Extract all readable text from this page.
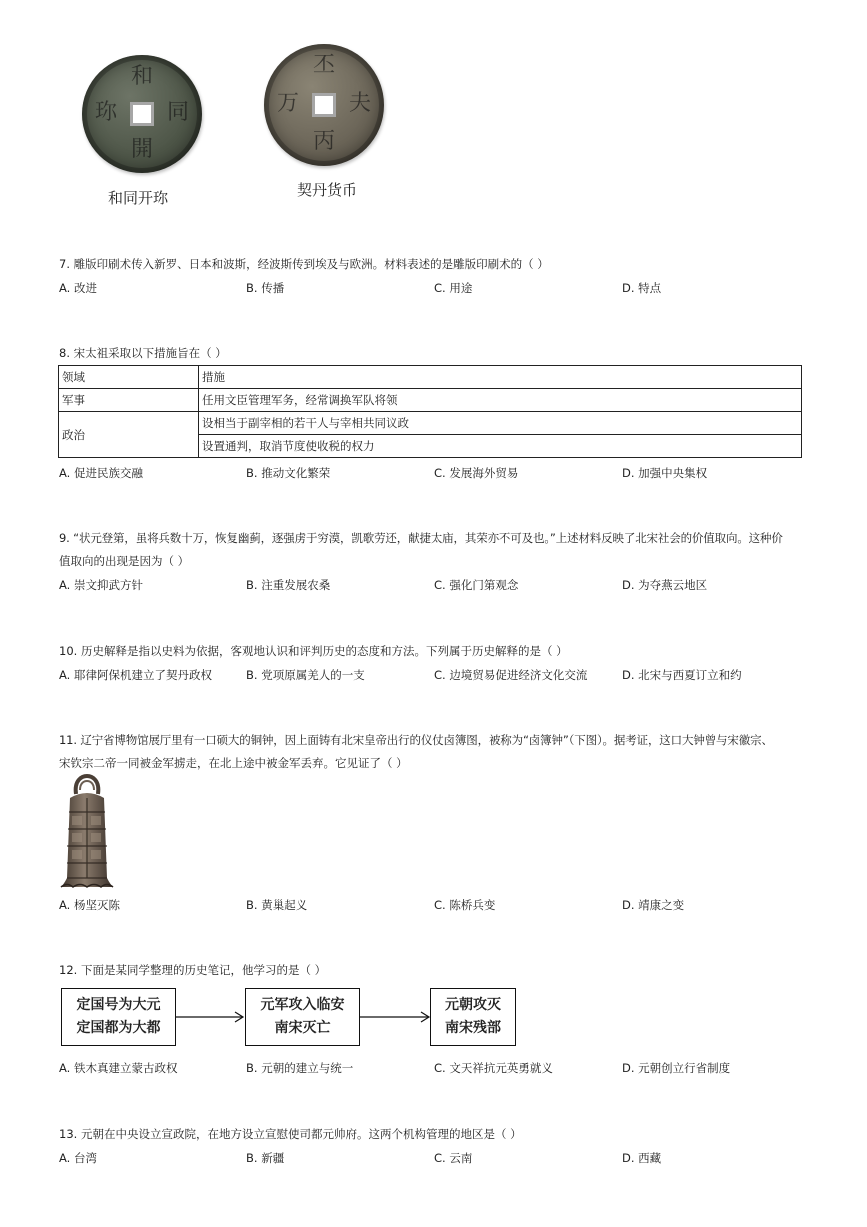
和
同
開
珎
和同开珎
丕
夫
丙
万
契丹货币
7. 雕版印刷术传入新罗、日本和波斯，经波斯传到埃及与欧洲。材料表述的是雕版印刷术的（ ）
A. 改进	B. 传播	C. 用途	D. 特点
8. 宋太祖采取以下措施旨在（ ）
领域	措施
军事	任用文臣管理军务，经常调换军队将领
政治	设相当于副宰相的若干人与宰相共同议政
	设置通判，取消节度使收税的权力
A. 促进民族交融	B. 推动文化繁荣	C. 发展海外贸易	D. 加强中央集权
9. “状元登第，虽将兵数十万，恢复幽蓟，逐强虏于穷漠，凯歌劳还，献捷太庙，其荣亦不可及也。”上述材料反映了北宋社会的价值取向。这种价
值取向的出现是因为（ ）
A. 崇文抑武方针	B. 注重发展农桑	C. 强化门第观念	D. 为夺燕云地区
10. 历史解释是指以史料为依据，客观地认识和评判历史的态度和方法。下列属于历史解释的是（ ）
A. 耶律阿保机建立了契丹政权	B. 党项原属羌人的一支	C. 边境贸易促进经济文化交流	D. 北宋与西夏订立和约
11. 辽宁省博物馆展厅里有一口硕大的铜钟，因上面铸有北宋皇帝出行的仪仗卤簿图，被称为“卤簿钟”（下图）。据考证，这口大钟曾与宋徽宗、
宋钦宗二帝一同被金军掳走，在北上途中被金军丢弃。它见证了（ ）
A. 杨坚灭陈	B. 黄巢起义	C. 陈桥兵变	D. 靖康之变
12. 下面是某同学整理的历史笔记，他学习的是（ ）
定国号为大元
定国都为大都
元军攻入临安
南宋灭亡
元朝攻灭
南宋残部
A. 铁木真建立蒙古政权	B. 元朝的建立与统一	C. 文天祥抗元英勇就义	D. 元朝创立行省制度
13. 元朝在中央设立宣政院，在地方设立宣慰使司都元帅府。这两个机构管理的地区是（ ）
A. 台湾	B. 新疆	C. 云南	D. 西藏
